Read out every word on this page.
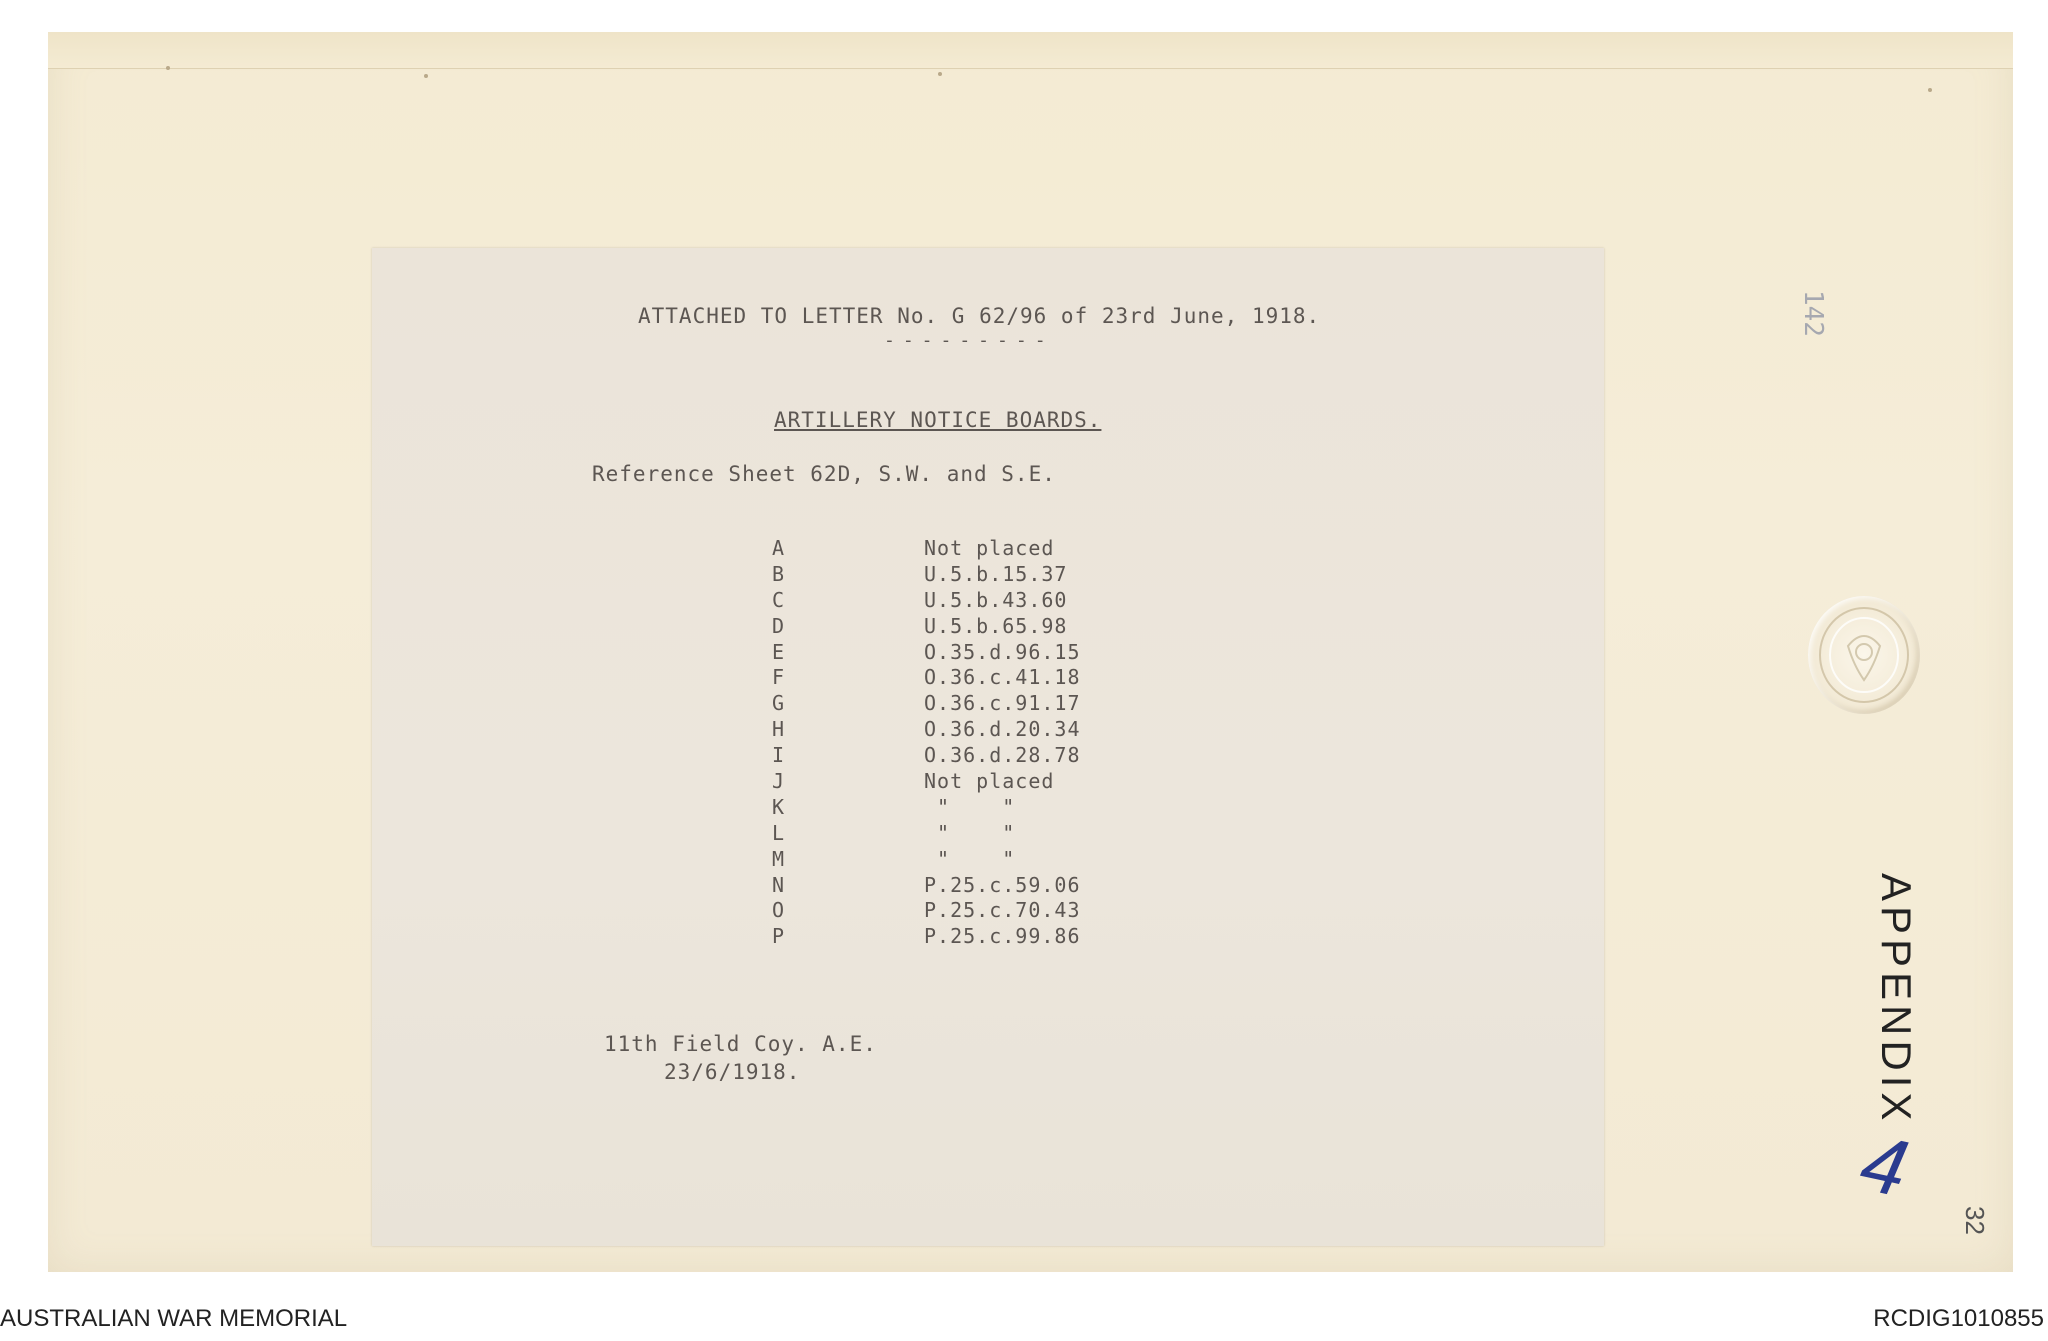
ATTACHED TO LETTER No. G 62/96 of 23rd June, 1918.
---------
ARTILLERY NOTICE BOARDS.
Reference Sheet 62D, S.W. and S.E.
A	Not placed
B	U.5.b.15.37
C	U.5.b.43.60
D	U.5.b.65.98
E	O.35.d.96.15
F	O.36.c.41.18
G	O.36.c.91.17
H	O.36.d.20.34
I	O.36.d.28.78
J	Not placed
K	"    "
L	"    "
M	"    "
N	P.25.c.59.06
O	P.25.c.70.43
P	P.25.c.99.86
11th Field Coy. A.E.
23/6/1918.
142
APPENDIX
4
32
AUSTRALIAN WAR MEMORIAL	RCDIG1010855
